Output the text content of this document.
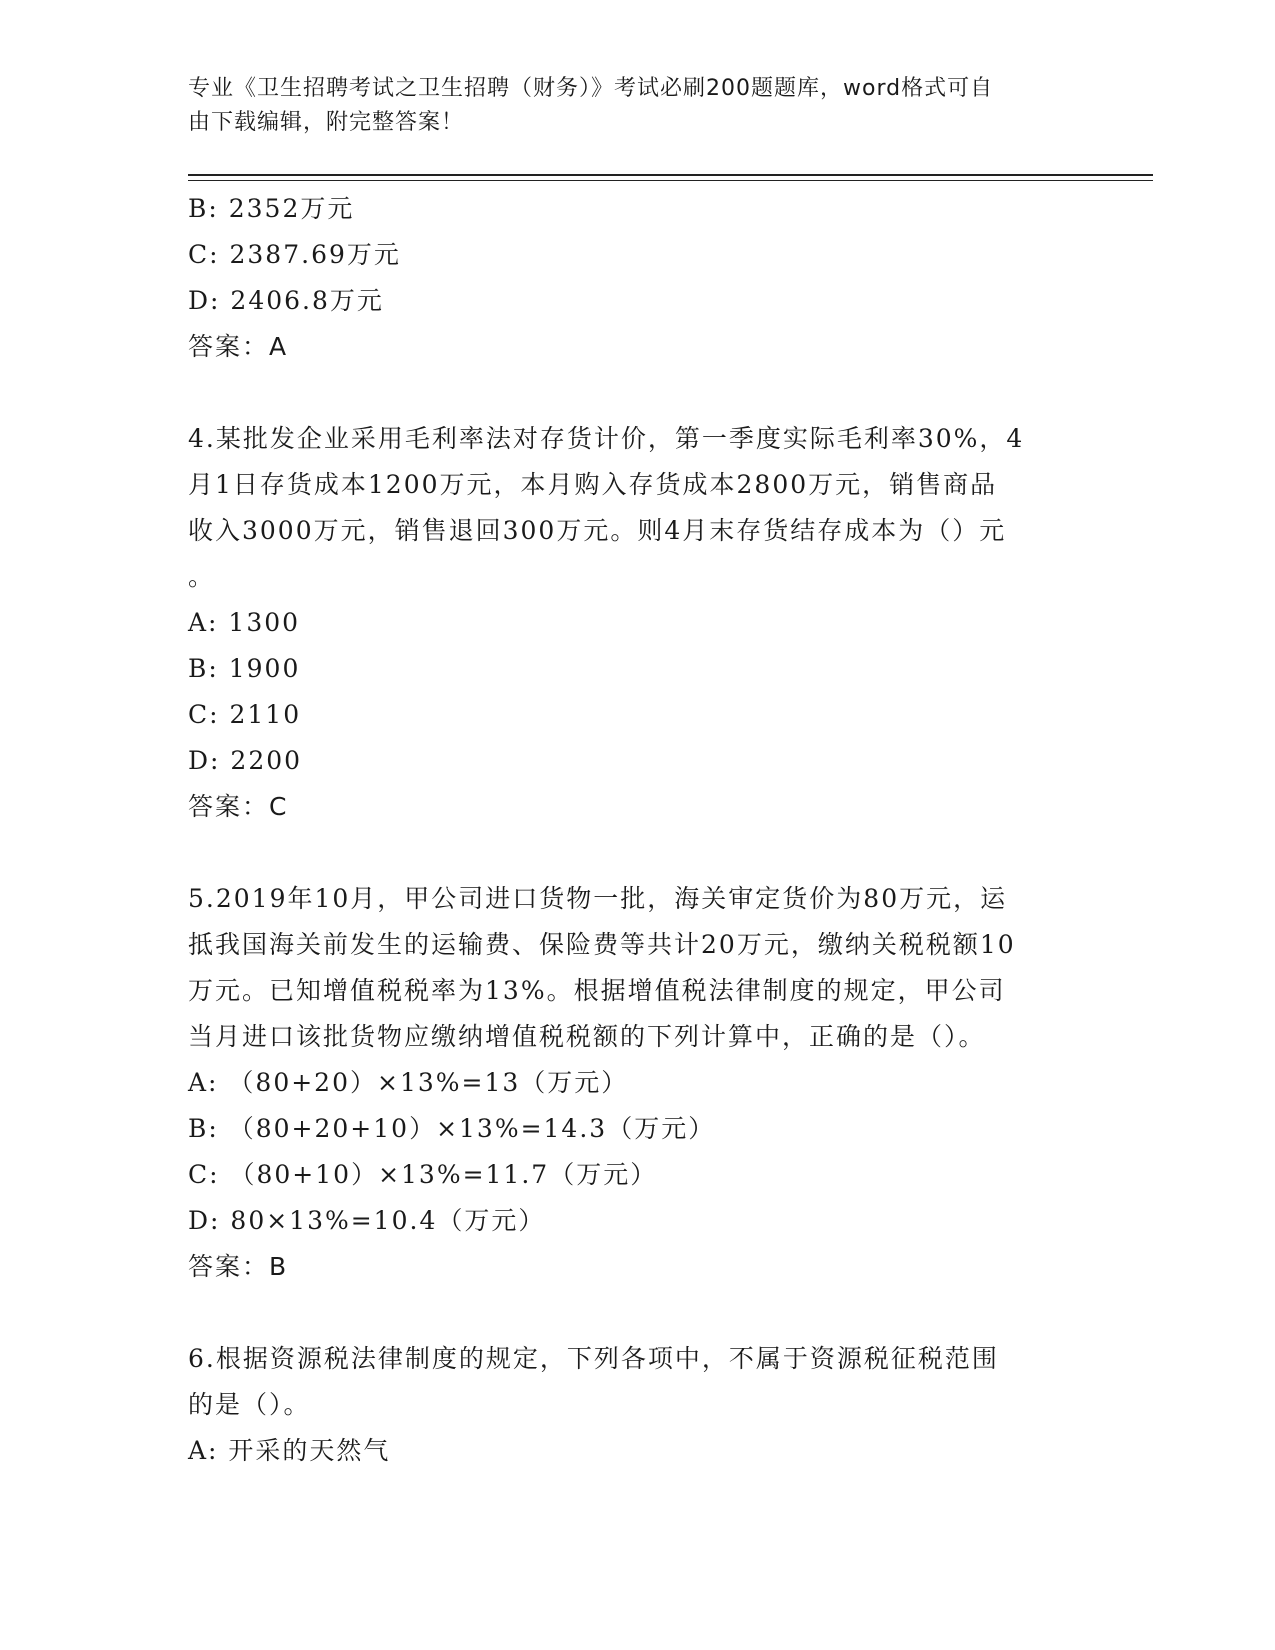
专业《卫生招聘考试之卫生招聘（财务）》考试必刷200题题库，word格式可自
由下载编辑，附完整答案！
B: 2352万元
C: 2387.69万元
D: 2406.8万元
答案：A
4.某批发企业采用毛利率法对存货计价，第一季度实际毛利率30%，4
月1日存货成本1200万元，本月购入存货成本2800万元，销售商品
收入3000万元，销售退回300万元。则4月末存货结存成本为（）元
。
A: 1300
B: 1900
C: 2110
D: 2200
答案：C
5.2019年10月，甲公司进口货物一批，海关审定货价为80万元，运
抵我国海关前发生的运输费、保险费等共计20万元，缴纳关税税额10
万元。已知增值税税率为13%。根据增值税法律制度的规定，甲公司
当月进口该批货物应缴纳增值税税额的下列计算中，正确的是（）。
A: （80+20）×13%=13（万元）
B: （80+20+10）×13%=14.3（万元）
C: （80+10）×13%=11.7（万元）
D: 80×13%=10.4（万元）
答案：B
6.根据资源税法律制度的规定，下列各项中，不属于资源税征税范围
的是（）。
A: 开采的天然气
